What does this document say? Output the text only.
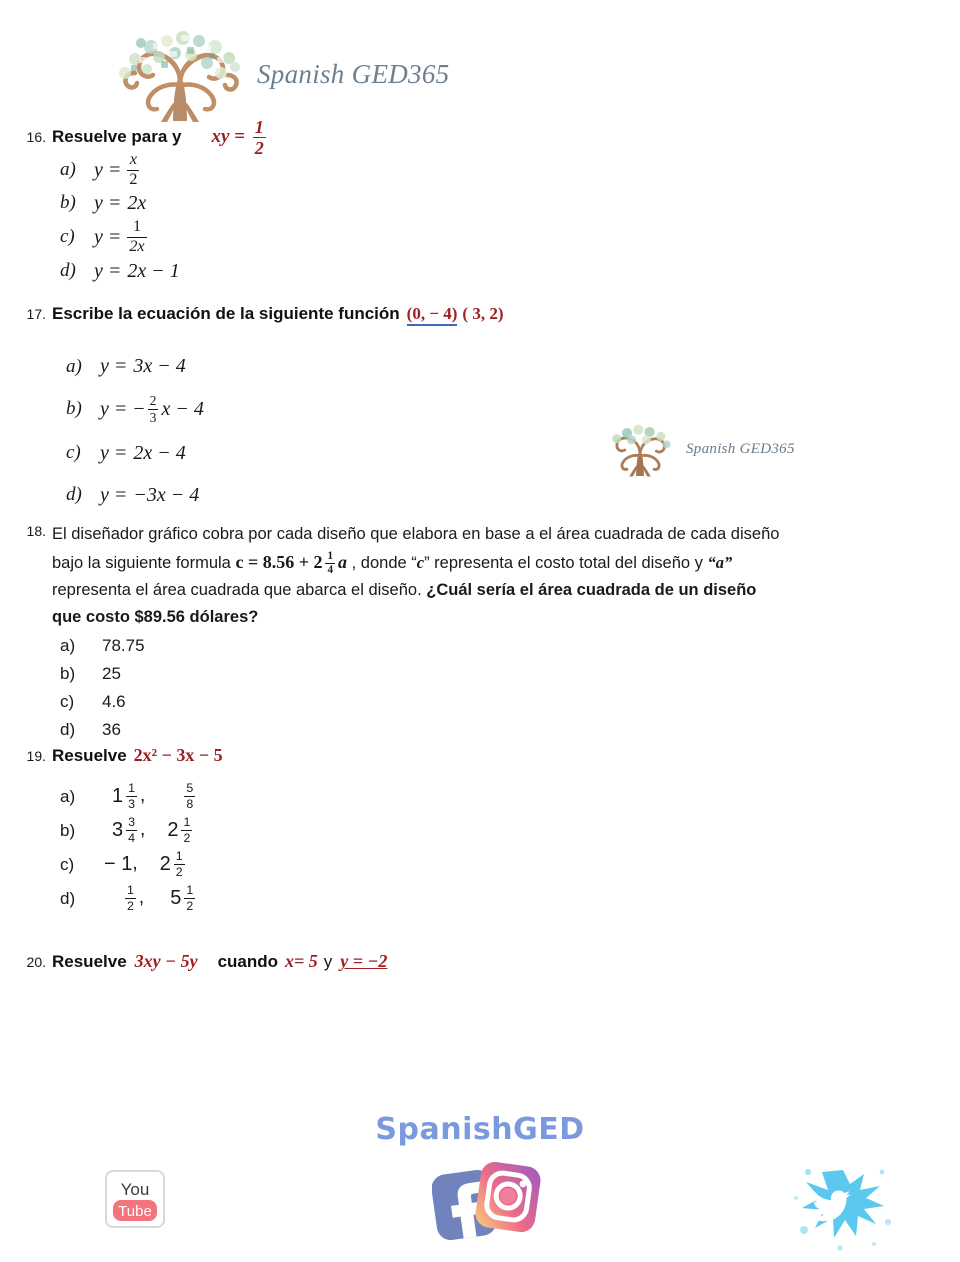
Spanish GED365
Spanish GED365
16. Resuelve para y xy = $\frac{1}{2}$
a) $y = \frac{x}{2}$
b) y = 2x
c) $y = \frac{1}{2x}$
d) y = 2x − 1
17. Escribe la ecuación de la siguiente función (0, − 4) ( 3, 2)
a) y = 3x − 4
b) y = − $\frac{2}{3}$ x − 4
c) y = 2x − 4
d) y = −3x − 4
18. El diseñador gráfico cobra por cada diseño que elabora en base a el área cuadrada de cada diseño bajo la siguiente formula $c = 8.56 + 2 \frac{1}{4}$ a , donde “c” representa el costo total del diseño y “a” representa el área cuadrada que abarca el diseño. ¿Cuál sería el área cuadrada de un diseño que costo $89.56 dólares?
a)	78.75
b)	25
c)	4.6
d)	36
19. Resuelve 2x² − 3x − 5
a)	$1 \frac{1}{3}$ ,	$\frac{5}{8}$
b)	$3 \frac{3}{4}$ , $2 \frac{1}{2}$
c)	− 1 , $2 \frac{1}{2}$
d)	$\frac{1}{2}$ , $5 \frac{1}{2}$
20. Resuelve 3xy − 5y cuando x= 5 y y = −2
SpanishGED
You
Tube
